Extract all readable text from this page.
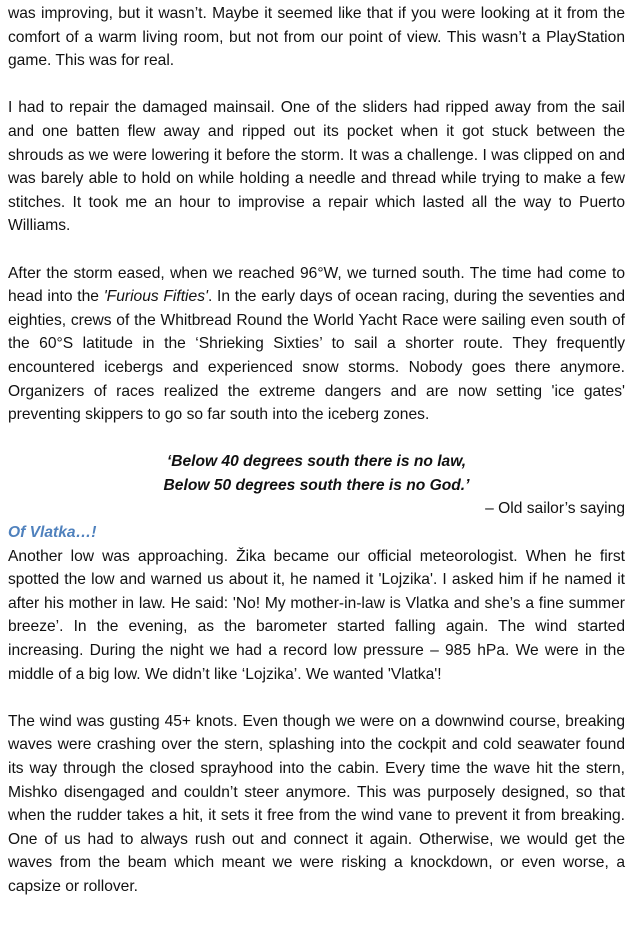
was improving, but it wasn’t. Maybe it seemed like that if you were looking at it from the comfort of a warm living room, but not from our point of view. This wasn’t a PlayStation game. This was for real.

I had to repair the damaged mainsail. One of the sliders had ripped away from the sail and one batten flew away and ripped out its pocket when it got stuck between the shrouds as we were lowering it before the storm. It was a challenge. I was clipped on and was barely able to hold on while holding a needle and thread while trying to make a few stitches. It took me an hour to improvise a repair which lasted all the way to Puerto Williams.

After the storm eased, when we reached 96°W, we turned south. The time had come to head into the 'Furious Fifties'. In the early days of ocean racing, during the seventies and eighties, crews of the Whitbread Round the World Yacht Race were sailing even south of the 60°S latitude in the ‘Shrieking Sixties’ to sail a shorter route. They frequently encountered icebergs and experienced snow storms. Nobody goes there anymore. Organizers of races realized the extreme dangers and are now setting 'ice gates' preventing skippers to go so far south into the iceberg zones.

‘Below 40 degrees south there is no law,

Below 50 degrees south there is no God.’

– Old sailor’s saying

Of Vlatka…!

Another low was approaching. Žika became our official meteorologist. When he first spotted the low and warned us about it, he named it 'Lojzika'. I asked him if he named it after his mother in law. He said: 'No! My mother-in-law is Vlatka and she’s a fine summer breeze’. In the evening, as the barometer started falling again. The wind started increasing. During the night we had a record low pressure – 985 hPa. We were in the middle of a big low. We didn’t like ‘Lojzika’. We wanted 'Vlatka'!

The wind was gusting 45+ knots. Even though we were on a downwind course, breaking waves were crashing over the stern, splashing into the cockpit and cold seawater found its way through the closed sprayhood into the cabin. Every time the wave hit the stern, Mishko disengaged and couldn’t steer anymore. This was purposely designed, so that when the rudder takes a hit, it sets it free from the wind vane to prevent it from breaking. One of us had to always rush out and connect it again. Otherwise, we would get the waves from the beam which meant we were risking a knockdown, or even worse, a capsize or rollover.
